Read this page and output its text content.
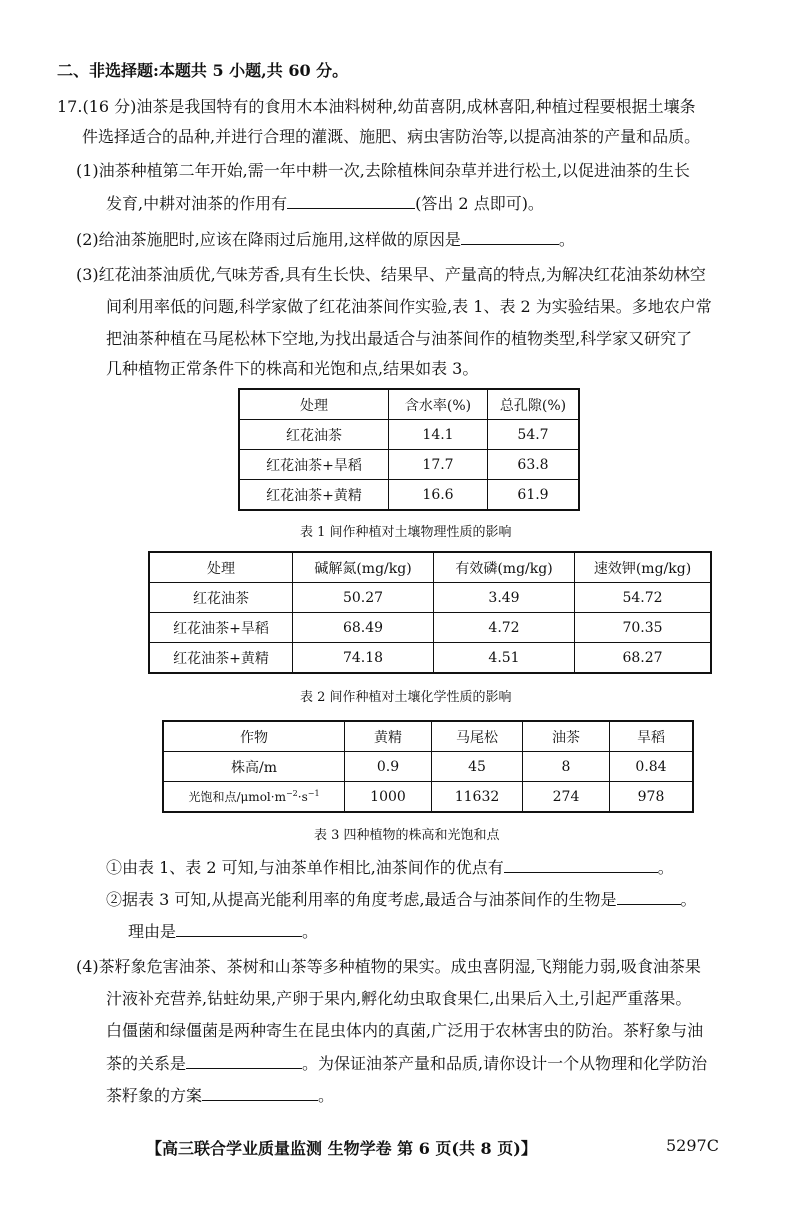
二、非选择题:本题共 5 小题,共 60 分。
17.(16 分)油茶是我国特有的食用木本油料树种,幼苗喜阴,成林喜阳,种植过程要根据土壤条
件选择适合的品种,并进行合理的灌溉、施肥、病虫害防治等,以提高油茶的产量和品质。
(1)油茶种植第二年开始,需一年中耕一次,去除植株间杂草并进行松土,以促进油茶的生长
发育,中耕对油茶的作用有	(答出 2 点即可)。
(2)给油茶施肥时,应该在降雨过后施用,这样做的原因是	。
(3)红花油茶油质优,气味芳香,具有生长快、结果早、产量高的特点,为解决红花油茶幼林空
间利用率低的问题,科学家做了红花油茶间作实验,表 1、表 2 为实验结果。多地农户常
把油茶种植在马尾松林下空地,为找出最适合与油茶间作的植物类型,科学家又研究了
几种植物正常条件下的株高和光饱和点,结果如表 3。
处理	含水率(%)	总孔隙(%)
红花油茶	14.1	54.7
红花油茶+旱稻	17.7	63.8
红花油茶+黄精	16.6	61.9
表 1 间作种植对土壤物理性质的影响
处理	碱解氮(mg/kg)	有效磷(mg/kg)	速效钾(mg/kg)
红花油茶	50.27	3.49	54.72
红花油茶+旱稻	68.49	4.72	70.35
红花油茶+黄精	74.18	4.51	68.27
表 2 间作种植对土壤化学性质的影响
作物	黄精	马尾松	油茶	旱稻
株高/m	0.9	45	8	0.84
光饱和点$/\mu mol\cdot m^{-2}\cdot s^{-1}$	1000	11632	274	978
表 3 四种植物的株高和光饱和点
①由表 1、表 2 可知,与油茶单作相比,油茶间作的优点有	。
②据表 3 可知,从提高光能利用率的角度考虑,最适合与油茶间作的生物是	。
理由是	。
(4)茶籽象危害油茶、茶树和山茶等多种植物的果实。成虫喜阴湿,飞翔能力弱,吸食油茶果
汁液补充营养,钻蛀幼果,产卵于果内,孵化幼虫取食果仁,出果后入土,引起严重落果。
白僵菌和绿僵菌是两种寄生在昆虫体内的真菌,广泛用于农林害虫的防治。茶籽象与油
茶的关系是	。为保证油茶产量和品质,请你设计一个从物理和化学防治
茶籽象的方案	。
【高三联合学业质量监测 生物学卷 第 6 页(共 8 页)】	5297C
